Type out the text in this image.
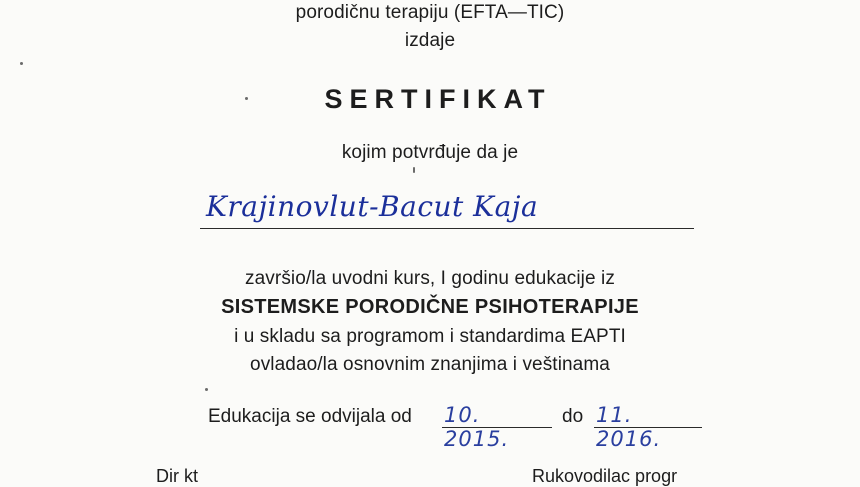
porodičnu terapiju (EFTA—TIC)
izdaje
SERTIFIKAT
kojim potvrđuje da je
Krajinovlut-Bacut Kaja
završio/la uvodni kurs, I godinu edukacije iz
SISTEMSKE PORODIČNE PSIHOTERAPIJE
i u skladu sa programom i standardima EAPTI
ovladao/la osnovnim znanjima i veštinama
Edukacija se odvijala od 10. 2015.
do 11. 2016.
Dir kt	Rukovodilac progr
